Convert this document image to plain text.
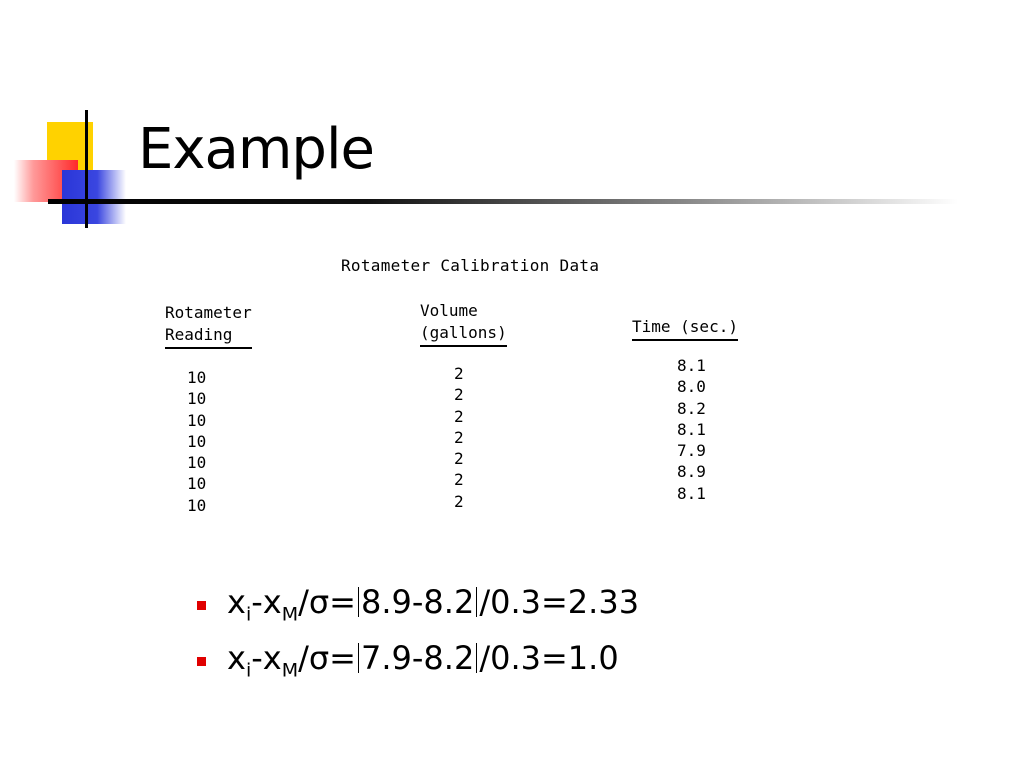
Example
Rotameter Calibration Data
Rotameter
Reading
10
10
10
10
10
10
10
Volume
(gallons)
2
2
2
2
2
2
2
Time (sec.)
8.1
8.0
8.2
8.1
7.9
8.9
8.1
$x_i-x_M/\sigma= 8.9-8.2$ /0.3=2.33
$x_i-x_M/\sigma= 7.9-8.2$ /0.3=1.0
